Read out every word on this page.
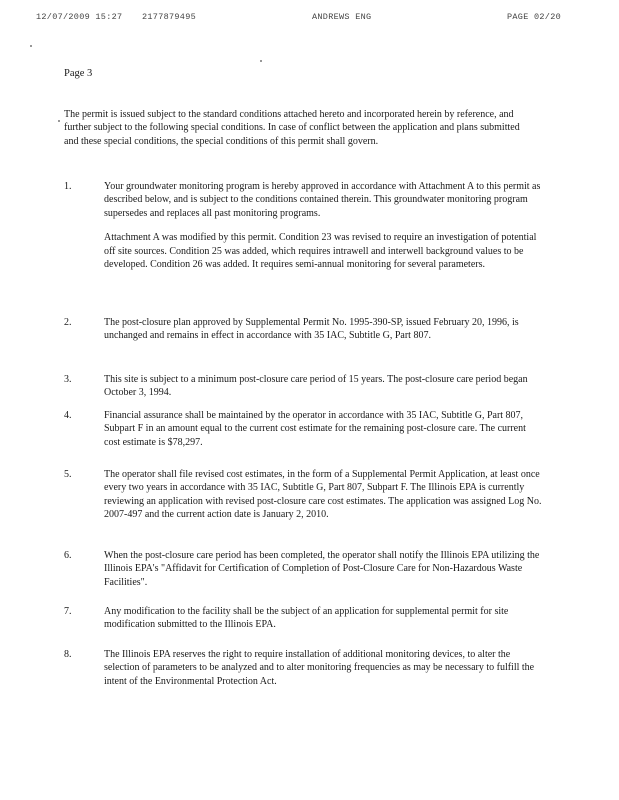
12/07/2009 15:27 2177879495	ANDREWS ENG	PAGE 02/20
Page 3

The permit is issued subject to the standard conditions attached hereto and incorporated herein by reference, and further subject to the following special conditions. In case of conflict between the application and plans submitted and these special conditions, the special conditions of this permit shall govern.

1.	Your groundwater monitoring program is hereby approved in accordance with Attachment A to this permit as described below, and is subject to the conditions contained therein. This groundwater monitoring program supersedes and replaces all past monitoring programs.

Attachment A was modified by this permit. Condition 23 was revised to require an investigation of potential off site sources. Condition 25 was added, which requires intrawell and interwell background values to be developed. Condition 26 was added. It requires semi-annual monitoring for several parameters.

2.	The post-closure plan approved by Supplemental Permit No. 1995-390-SP, issued February 20, 1996, is unchanged and remains in effect in accordance with 35 IAC, Subtitle G, Part 807.

3.	This site is subject to a minimum post-closure care period of 15 years. The post-closure care period began October 3, 1994.

4.	Financial assurance shall be maintained by the operator in accordance with 35 IAC, Subtitle G, Part 807, Subpart F in an amount equal to the current cost estimate for the remaining post-closure care. The current cost estimate is $78,297.

5.	The operator shall file revised cost estimates, in the form of a Supplemental Permit Application, at least once every two years in accordance with 35 IAC, Subtitle G, Part 807, Subpart F. The Illinois EPA is currently reviewing an application with revised post-closure care cost estimates. The application was assigned Log No. 2007-497 and the current action date is January 2, 2010.

6.	When the post-closure care period has been completed, the operator shall notify the Illinois EPA utilizing the Illinois EPA's "Affidavit for Certification of Completion of Post-Closure Care for Non-Hazardous Waste Facilities".

7.	Any modification to the facility shall be the subject of an application for supplemental permit for site modification submitted to the Illinois EPA.

8.	The Illinois EPA reserves the right to require installation of additional monitoring devices, to alter the selection of parameters to be analyzed and to alter monitoring frequencies as may be necessary to fulfill the intent of the Environmental Protection Act.
